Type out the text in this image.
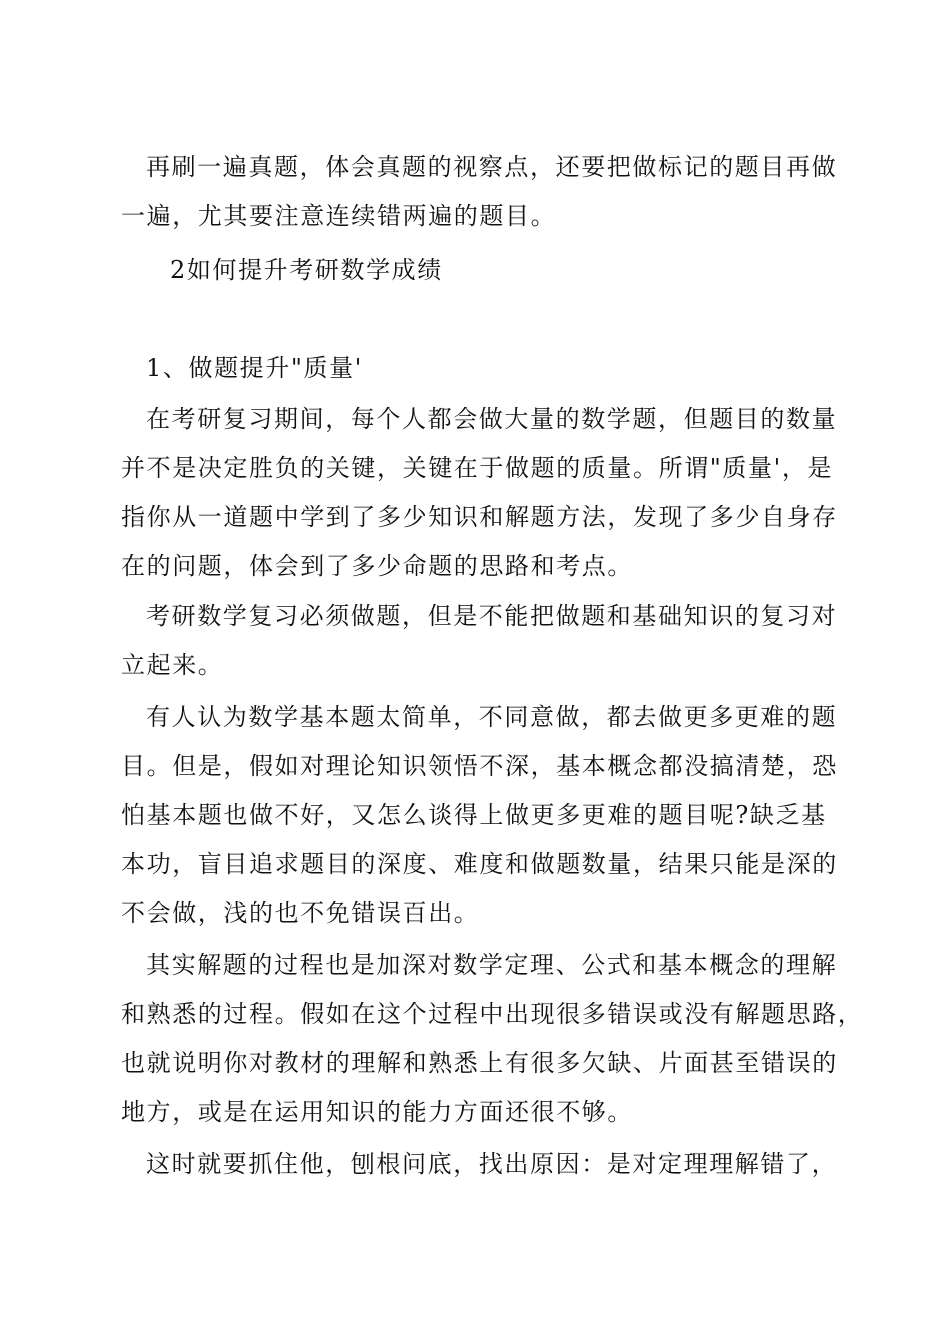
再刷一遍真题，体会真题的视察点，还要把做标记的题目再做
一遍，尤其要注意连续错两遍的题目。
2如何提升考研数学成绩
1、做题提升"质量'
在考研复习期间，每个人都会做大量的数学题，但题目的数量
并不是决定胜负的关键，关键在于做题的质量。所谓"质量'，是
指你从一道题中学到了多少知识和解题方法，发现了多少自身存
在的问题，体会到了多少命题的思路和考点。
考研数学复习必须做题，但是不能把做题和基础知识的复习对
立起来。
有人认为数学基本题太简单，不同意做，都去做更多更难的题
目。但是，假如对理论知识领悟不深，基本概念都没搞清楚，恐
怕基本题也做不好，又怎么谈得上做更多更难的题目呢?缺乏基
本功，盲目追求题目的深度、难度和做题数量，结果只能是深的
不会做，浅的也不免错误百出。
其实解题的过程也是加深对数学定理、公式和基本概念的理解
和熟悉的过程。假如在这个过程中出现很多错误或没有解题思路，
也就说明你对教材的理解和熟悉上有很多欠缺、片面甚至错误的
地方，或是在运用知识的能力方面还很不够。
这时就要抓住他，刨根问底，找出原因：是对定理理解错了，
